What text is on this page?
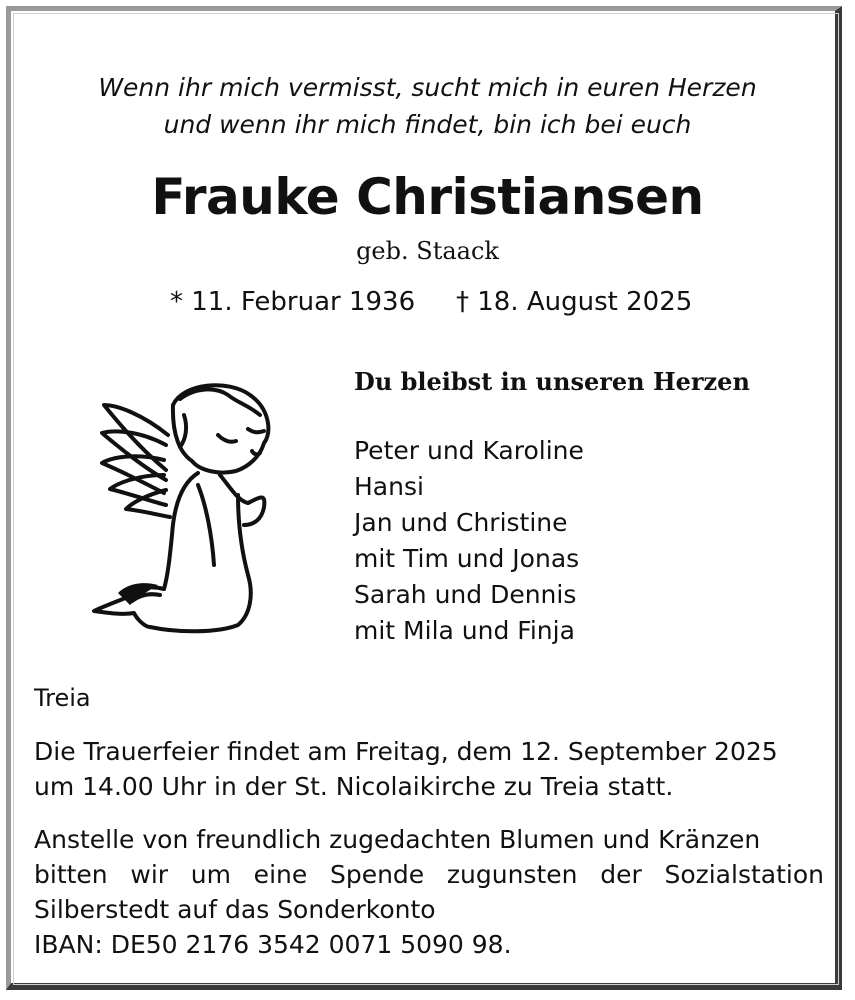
Wenn ihr mich vermisst, sucht mich in euren Herzen
und wenn ihr mich findet, bin ich bei euch
Frauke Christiansen
geb. Staack
* 11. Februar 1936 † 18. August 2025
Du bleibst in unseren Herzen
Peter und Karoline
Hansi
Jan und Christine
mit Tim und Jonas
Sarah und Dennis
mit Mila und Finja
Treia
Die Trauerfeier findet am Freitag, dem 12. September 2025
um 14.00 Uhr in der St. Nicolaikirche zu Treia statt.
Anstelle von freundlich zugedachten Blumen und Kränzen
bitten wir um eine Spende zugunsten der Sozialstation
Silberstedt auf das Sonderkonto
IBAN: DE50 2176 3542 0071 5090 98.
